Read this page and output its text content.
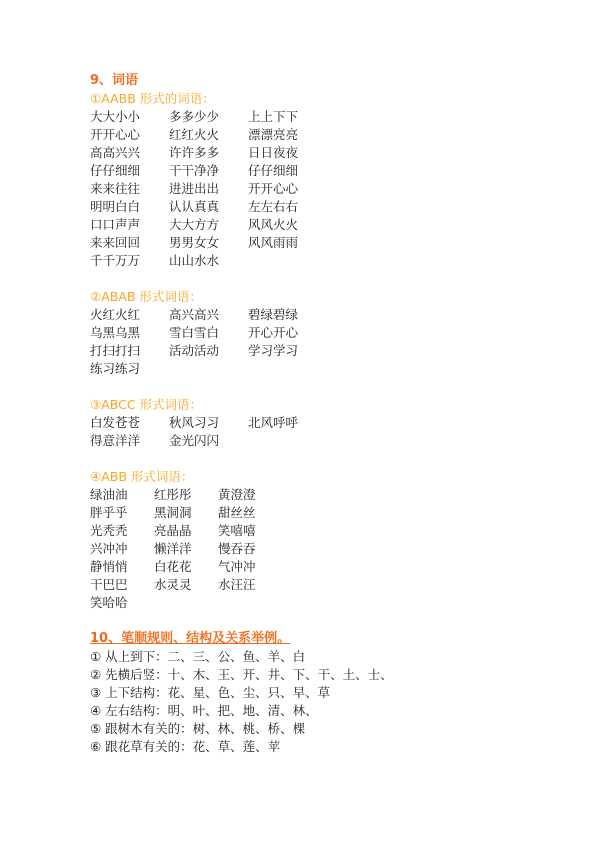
9、词语
①AABB 形式的词语：
大大小小	多多少少	上上下下
开开心心	红红火火	漂漂亮亮
高高兴兴	许许多多	日日夜夜
仔仔细细	干干净净	仔仔细细
来来往往	进进出出	开开心心
明明白白	认认真真	左左右右
口口声声	大大方方	风风火火
来来回回	男男女女	风风雨雨
千千万万	山山水水
②ABAB 形式词语：
火红火红	高兴高兴	碧绿碧绿
乌黑乌黑	雪白雪白	开心开心
打扫打扫	活动活动	学习学习
练习练习
③ABCC 形式词语：
白发苍苍	秋风习习	北风呼呼
得意洋洋	金光闪闪
④ABB 形式词语：
绿油油	红彤彤	黄澄澄
胖乎乎	黑洞洞	甜丝丝
光秃秃	亮晶晶	笑嘻嘻
兴冲冲	懒洋洋	慢吞吞
静悄悄	白花花	气冲冲
干巴巴	水灵灵	水汪汪
笑哈哈
10、笔顺规则、结构及关系举例。
① 从上到下：二、三、公、鱼、羊、白
② 先横后竖：十、木、王、开、井、下、干、土、士、
③ 上下结构：花、星、色、尘、只、早、草
④ 左右结构：明、叶、把、地、清、林、
⑤ 跟树木有关的：树、林、桃、桥、棵
⑥ 跟花草有关的：花、草、莲、苹
